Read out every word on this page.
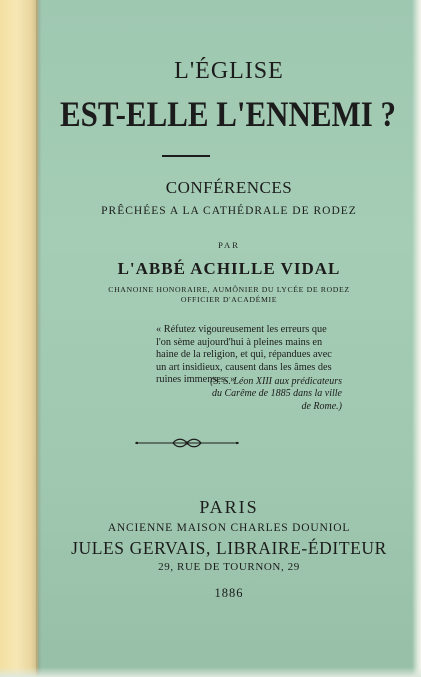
L'ÉGLISE
EST-ELLE L'ENNEMI ?
CONFÉRENCES
PRÊCHÉES A LA CATHÉDRALE DE RODEZ
PAR
L'ABBÉ ACHILLE VIDAL
CHANOINE HONORAIRE, AUMÔNIER DU LYCÉE DE RODEZ
OFFICIER D'ACADÉMIE
« Réfutez vigoureusement les erreurs que
l'on sème aujourd'hui à pleines mains en
haine de la religion, et qui, répandues avec
un art insidieux, causent dans les âmes des
ruines immenses. »
(S. S. Léon XIII aux prédicateurs
du Carême de 1885 dans la ville
de Rome.)
PARIS
ANCIENNE MAISON CHARLES DOUNIOL
JULES GERVAIS, LIBRAIRE-ÉDITEUR
29, RUE DE TOURNON, 29
1886
